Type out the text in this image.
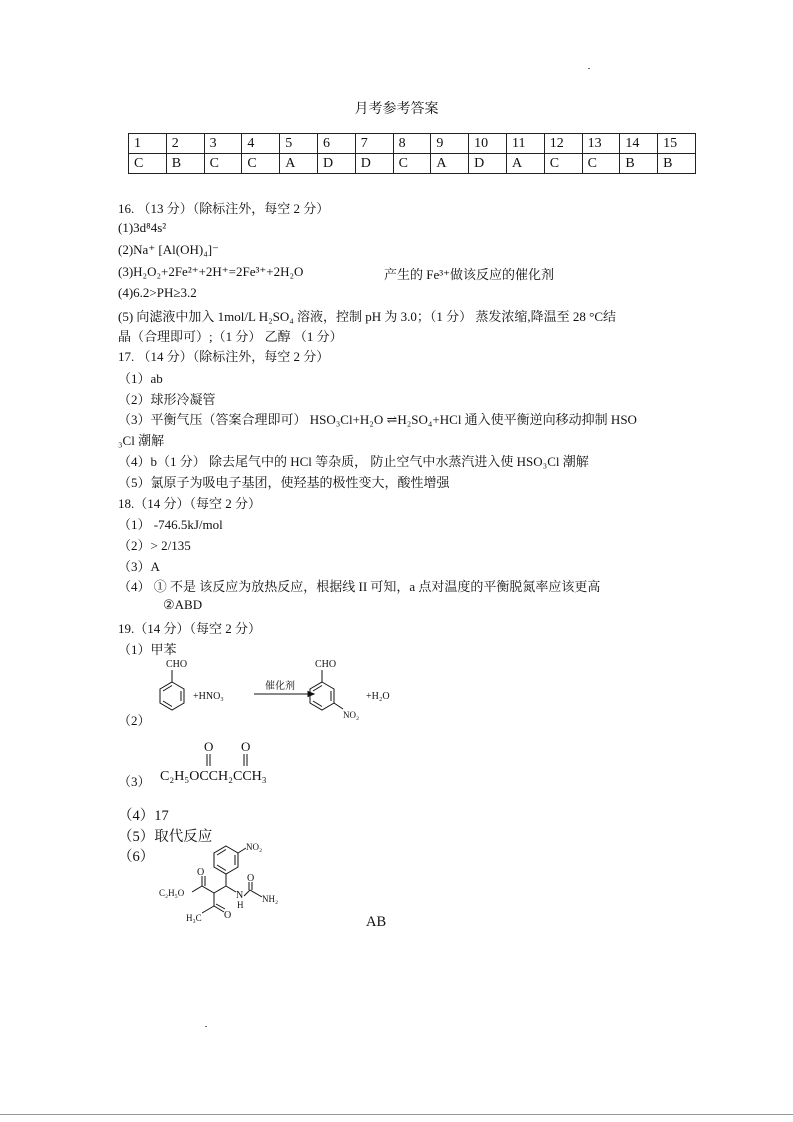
月考参考答案
1	2	3	4	5	6	7	8	9	10	11	12	13	14	15
C	B	C	C	A	D	D	C	A	D	A	C	C	B	B
16. （13 分）（除标注外，每空 2 分）
(1)3d⁸4s²
(2)Na⁺ [Al(OH)₄]⁻
(3)H₂O₂+2Fe²⁺+2H⁺=2Fe³⁺+2H₂O	产生的 Fe³⁺做该反应的催化剂
(4)6.2>PH≥3.2
(5) 向滤液中加入 1mol/L H₂SO₄ 溶液，控制 pH 为 3.0；（1 分） 蒸发浓缩,降温至 28 °C结
晶（合理即可）;（1 分） 乙醇 （1 分）
17. （14 分）（除标注外，每空 2 分）
（1）ab
（2）球形冷凝管
（3）平衡气压（答案合理即可） HSO₃Cl+H₂O ⇌H₂SO₄+HCl 通入使平衡逆向移动抑制 HSO
₃Cl 潮解
（4）b（1 分） 除去尾气中的 HCl 等杂质， 防止空气中水蒸汽进入使 HSO₃Cl 潮解
（5）氯原子为吸电子基团，使羟基的极性变大，酸性增强
18.（14 分）（每空 2 分）
（1） -746.5kJ/mol
（2）> 2/135
（3）A
（4） ① 不是 该反应为放热反应，根据线 II 可知，a 点对温度的平衡脱氮率应该更高
②ABD
19.（14 分）（每空 2 分）
（1）甲苯
（2）
（3）
（4）17
（5）取代反应
（6）
AB
CHO
+HNO₃
催化剂
CHO
NO₂
+H₂O
O O
C₂H₅OCCH₂CCH₃
NO₂
O
C₂H₅O
H₃C O
N
H
O
NH₂
